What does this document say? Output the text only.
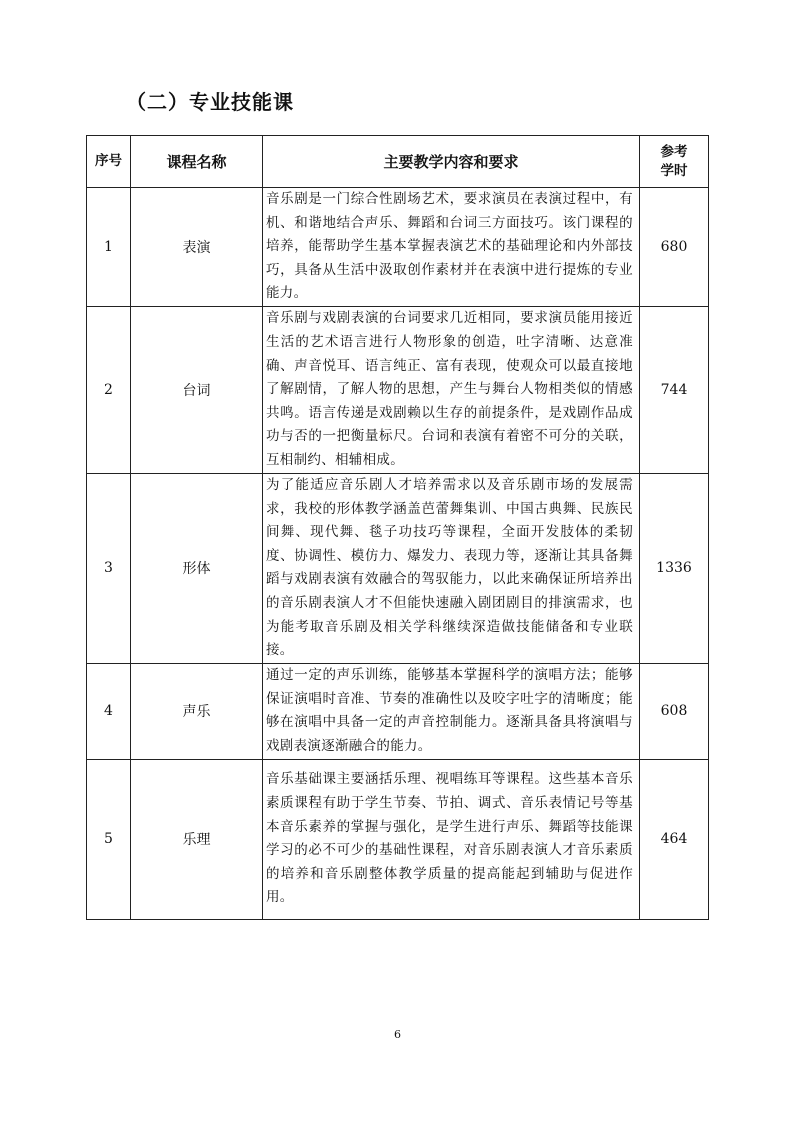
（二）专业技能课
序号	课程名称	主要教学内容和要求	参考学时
1	表演	音乐剧是一门综合性剧场艺术，要求演员在表演过程中，有机、和谐地结合声乐、舞蹈和台词三方面技巧。该门课程的培养，能帮助学生基本掌握表演艺术的基础理论和内外部技巧，具备从生活中汲取创作素材并在表演中进行提炼的专业能力。	680
2	台词	音乐剧与戏剧表演的台词要求几近相同，要求演员能用接近生活的艺术语言进行人物形象的创造，吐字清晰、达意准确、声音悦耳、语言纯正、富有表现，使观众可以最直接地了解剧情，了解人物的思想，产生与舞台人物相类似的情感共鸣。语言传递是戏剧赖以生存的前提条件，是戏剧作品成功与否的一把衡量标尺。台词和表演有着密不可分的关联，互相制约、相辅相成。	744
3	形体	为了能适应音乐剧人才培养需求以及音乐剧市场的发展需求，我校的形体教学涵盖芭蕾舞集训、中国古典舞、民族民间舞、现代舞、毯子功技巧等课程，全面开发肢体的柔韧度、协调性、模仿力、爆发力、表现力等，逐渐让其具备舞蹈与戏剧表演有效融合的驾驭能力，以此来确保证所培养出的音乐剧表演人才不但能快速融入剧团剧目的排演需求，也为能考取音乐剧及相关学科继续深造做技能储备和专业联接。	1336
4	声乐	通过一定的声乐训练，能够基本掌握科学的演唱方法；能够保证演唱时音准、节奏的准确性以及咬字吐字的清晰度；能够在演唱中具备一定的声音控制能力。逐渐具备具将演唱与戏剧表演逐渐融合的能力。	608
5	乐理	音乐基础课主要涵括乐理、视唱练耳等课程。这些基本音乐素质课程有助于学生节奏、节拍、调式、音乐表情记号等基本音乐素养的掌握与强化，是学生进行声乐、舞蹈等技能课学习的必不可少的基础性课程，对音乐剧表演人才音乐素质的培养和音乐剧整体教学质量的提高能起到辅助与促进作用。	464
6
